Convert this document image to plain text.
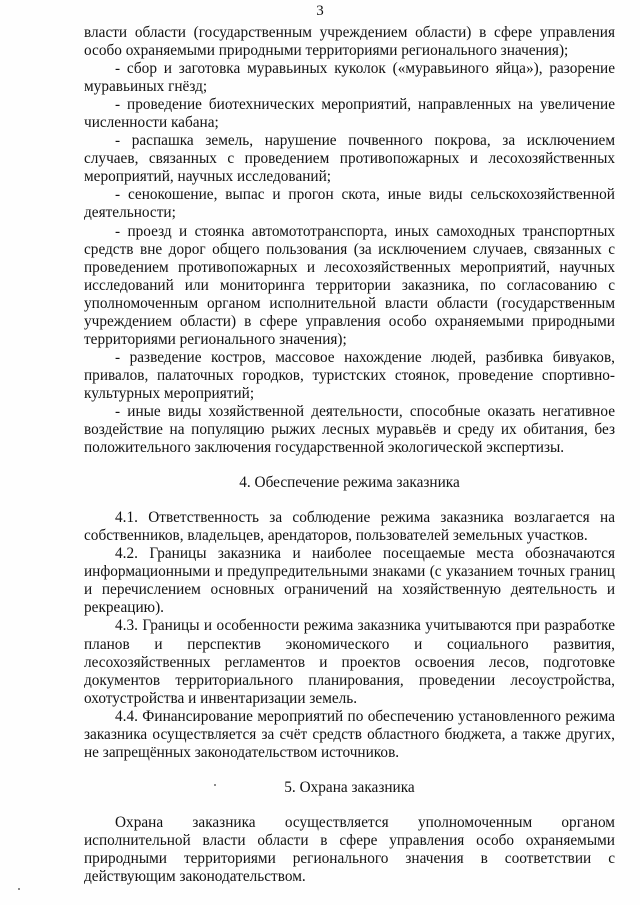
3

власти области (государственным учреждением области) в сфере управления особо охраняемыми природными территориями регионального значения);

- сбор и заготовка муравьиных куколок («муравьиного яйца»), разорение муравьиных гнёзд;

- проведение биотехнических мероприятий, направленных на увеличение численности кабана;

- распашка земель, нарушение почвенного покрова, за исключением случаев, связанных с проведением противопожарных и лесохозяйственных мероприятий, научных исследований;

- сенокошение, выпас и прогон скота, иные виды сельскохозяйственной деятельности;

- проезд и стоянка автомототранспорта, иных самоходных транспортных средств вне дорог общего пользования (за исключением случаев, связанных с проведением противопожарных и лесохозяйственных мероприятий, научных исследований или мониторинга территории заказника, по согласованию с уполномоченным органом исполнительной власти области (государственным учреждением области) в сфере управления особо охраняемыми природными территориями регионального значения);

- разведение костров, массовое нахождение людей, разбивка бивуаков, привалов, палаточных городков, туристских стоянок, проведение спортивно-культурных мероприятий;

- иные виды хозяйственной деятельности, способные оказать негативное воздействие на популяцию рыжих лесных муравьёв и среду их обитания, без положительного заключения государственной экологической экспертизы.

4. Обеспечение режима заказника

4.1. Ответственность за соблюдение режима заказника возлагается на собственников, владельцев, арендаторов, пользователей земельных участков.

4.2. Границы заказника и наиболее посещаемые места обозначаются информационными и предупредительными знаками (с указанием точных границ и перечислением основных ограничений на хозяйственную деятельность и рекреацию).

4.3. Границы и особенности режима заказника учитываются при разработке планов и перспектив экономического и социального развития, лесохозяйственных регламентов и проектов освоения лесов, подготовке документов территориального планирования, проведении лесоустройства, охотустройства и инвентаризации земель.

4.4. Финансирование мероприятий по обеспечению установленного режима заказника осуществляется за счёт средств областного бюджета, а также других, не запрещённых законодательством источников.

5. Охрана заказника

Охрана заказника осуществляется уполномоченным органом исполнительной власти области в сфере управления особо охраняемыми природными территориями регионального значения в соответствии с действующим законодательством.
